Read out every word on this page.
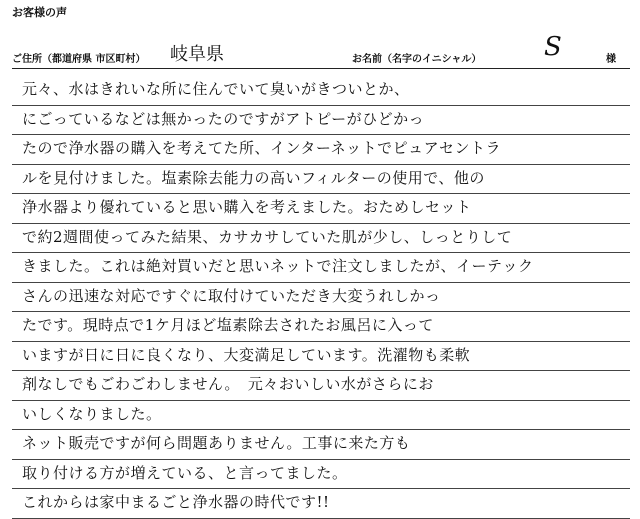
お客様の声
ご住所（都道府県 市区町村） 岐阜県	お名前（名字のイニシャル） S	様
元々、水はきれいな所に住んでいて臭いがきついとか、
にごっているなどは無かったのですがアトピーがひどかっ
たので浄水器の購入を考えてた所、インターネットでピュアセントラ
ルを見付けました。塩素除去能力の高いフィルターの使用で、他の
浄水器より優れていると思い購入を考えました。おためしセット
で約2週間使ってみた結果、カサカサしていた肌が少し、しっとりして
きました。これは絶対買いだと思いネットで注文しましたが、イーテック
さんの迅速な対応ですぐに取付けていただき大変うれしかっ
たです。現時点で1ケ月ほど塩素除去されたお風呂に入って
いますが日に日に良くなり、大変満足しています。洗濯物も柔軟
剤なしでもごわごわしません。　元々おいしい水がさらにお
いしくなりました。
ネット販売ですが何ら問題ありません。工事に来た方も
取り付ける方が増えている、と言ってました。
これからは家中まるごと浄水器の時代です!!
